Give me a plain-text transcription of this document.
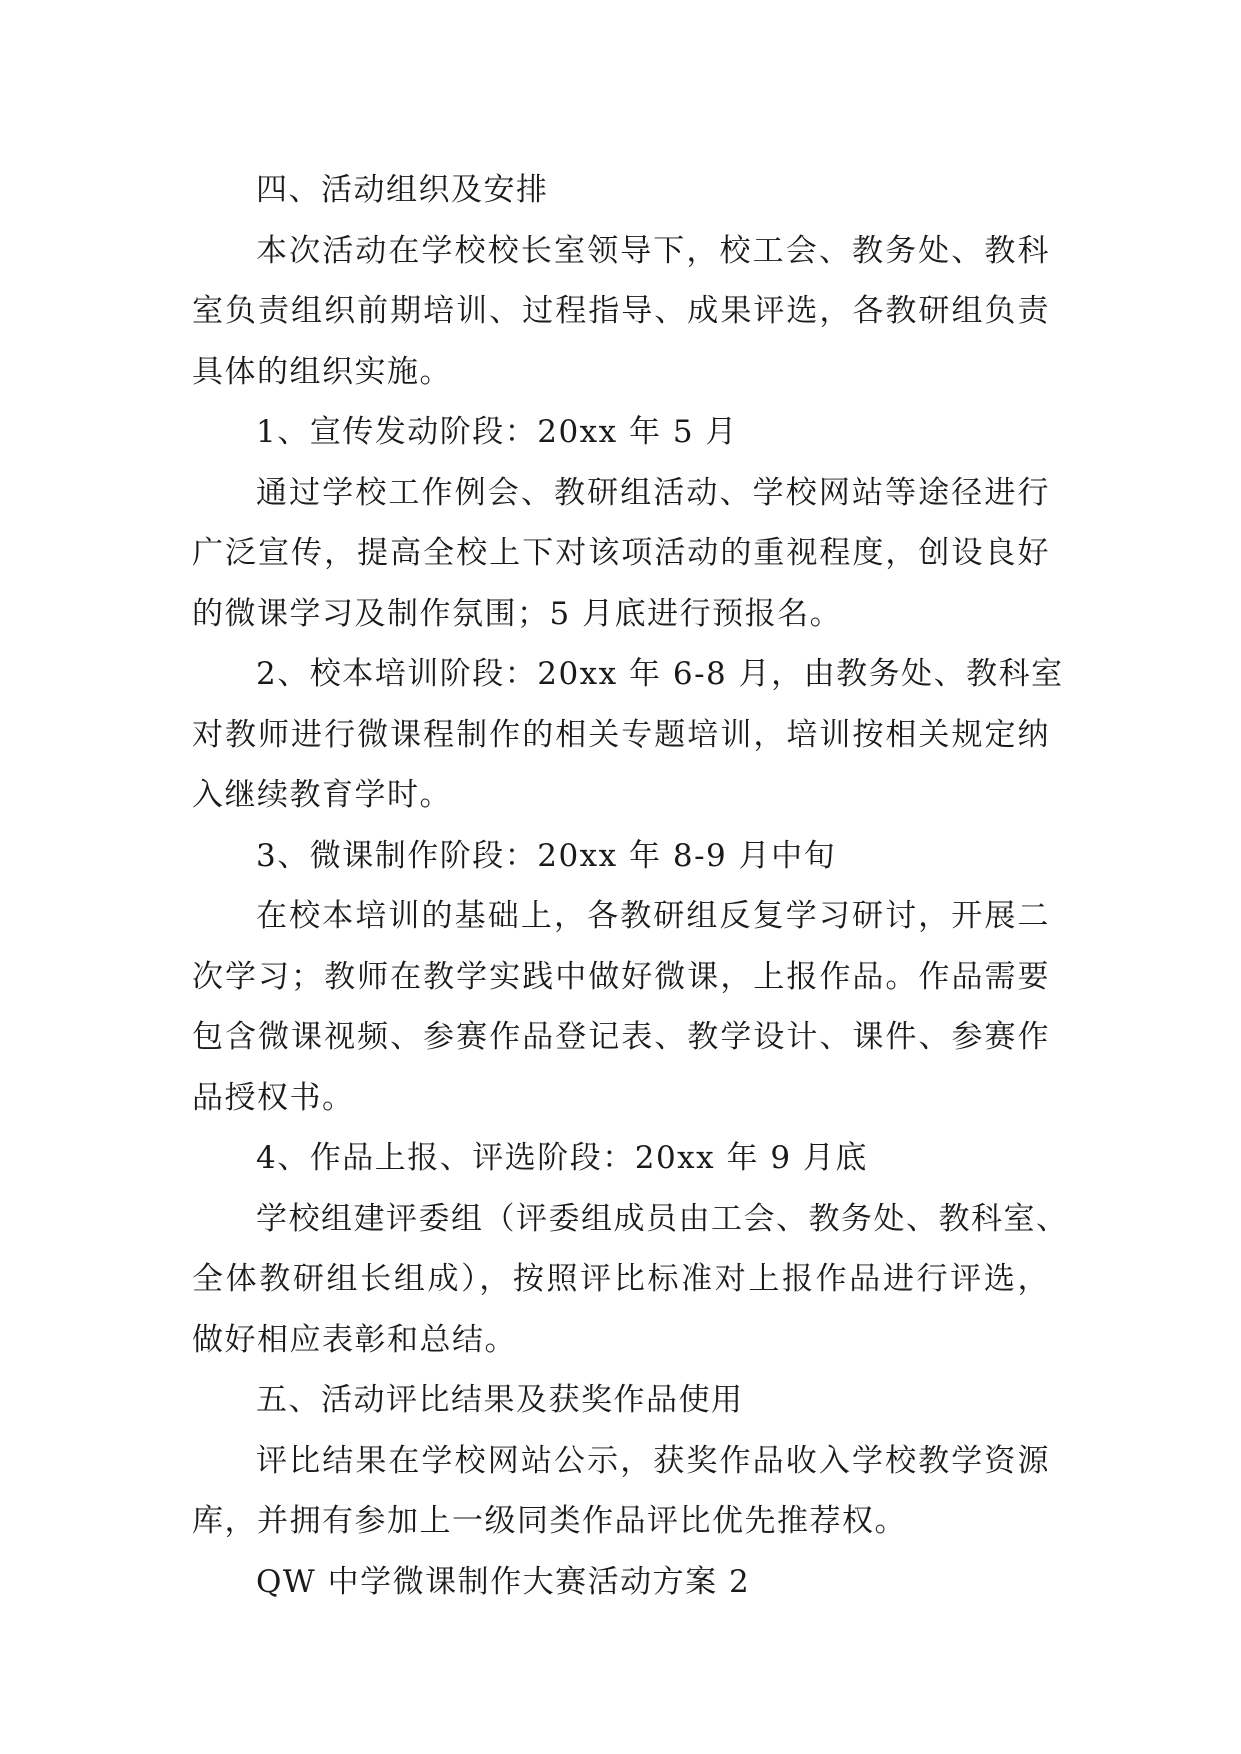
四、活动组织及安排
本次活动在学校校长室领导下，校工会、教务处、教科
室负责组织前期培训、过程指导、成果评选，各教研组负责
具体的组织实施。
1、宣传发动阶段：20xx 年 5 月
通过学校工作例会、教研组活动、学校网站等途径进行
广泛宣传，提高全校上下对该项活动的重视程度，创设良好
的微课学习及制作氛围；5 月底进行预报名。
2、校本培训阶段：20xx 年 6-8 月，由教务处、教科室
对教师进行微课程制作的相关专题培训，培训按相关规定纳
入继续教育学时。
3、微课制作阶段：20xx 年 8-9 月中旬
在校本培训的基础上，各教研组反复学习研讨，开展二
次学习；教师在教学实践中做好微课，上报作品。作品需要
包含微课视频、参赛作品登记表、教学设计、课件、参赛作
品授权书。
4、作品上报、评选阶段：20xx 年 9 月底
学校组建评委组（评委组成员由工会、教务处、教科室、
全体教研组长组成），按照评比标准对上报作品进行评选，
做好相应表彰和总结。
五、活动评比结果及获奖作品使用
评比结果在学校网站公示，获奖作品收入学校教学资源
库，并拥有参加上一级同类作品评比优先推荐权。
QW 中学微课制作大赛活动方案 2
